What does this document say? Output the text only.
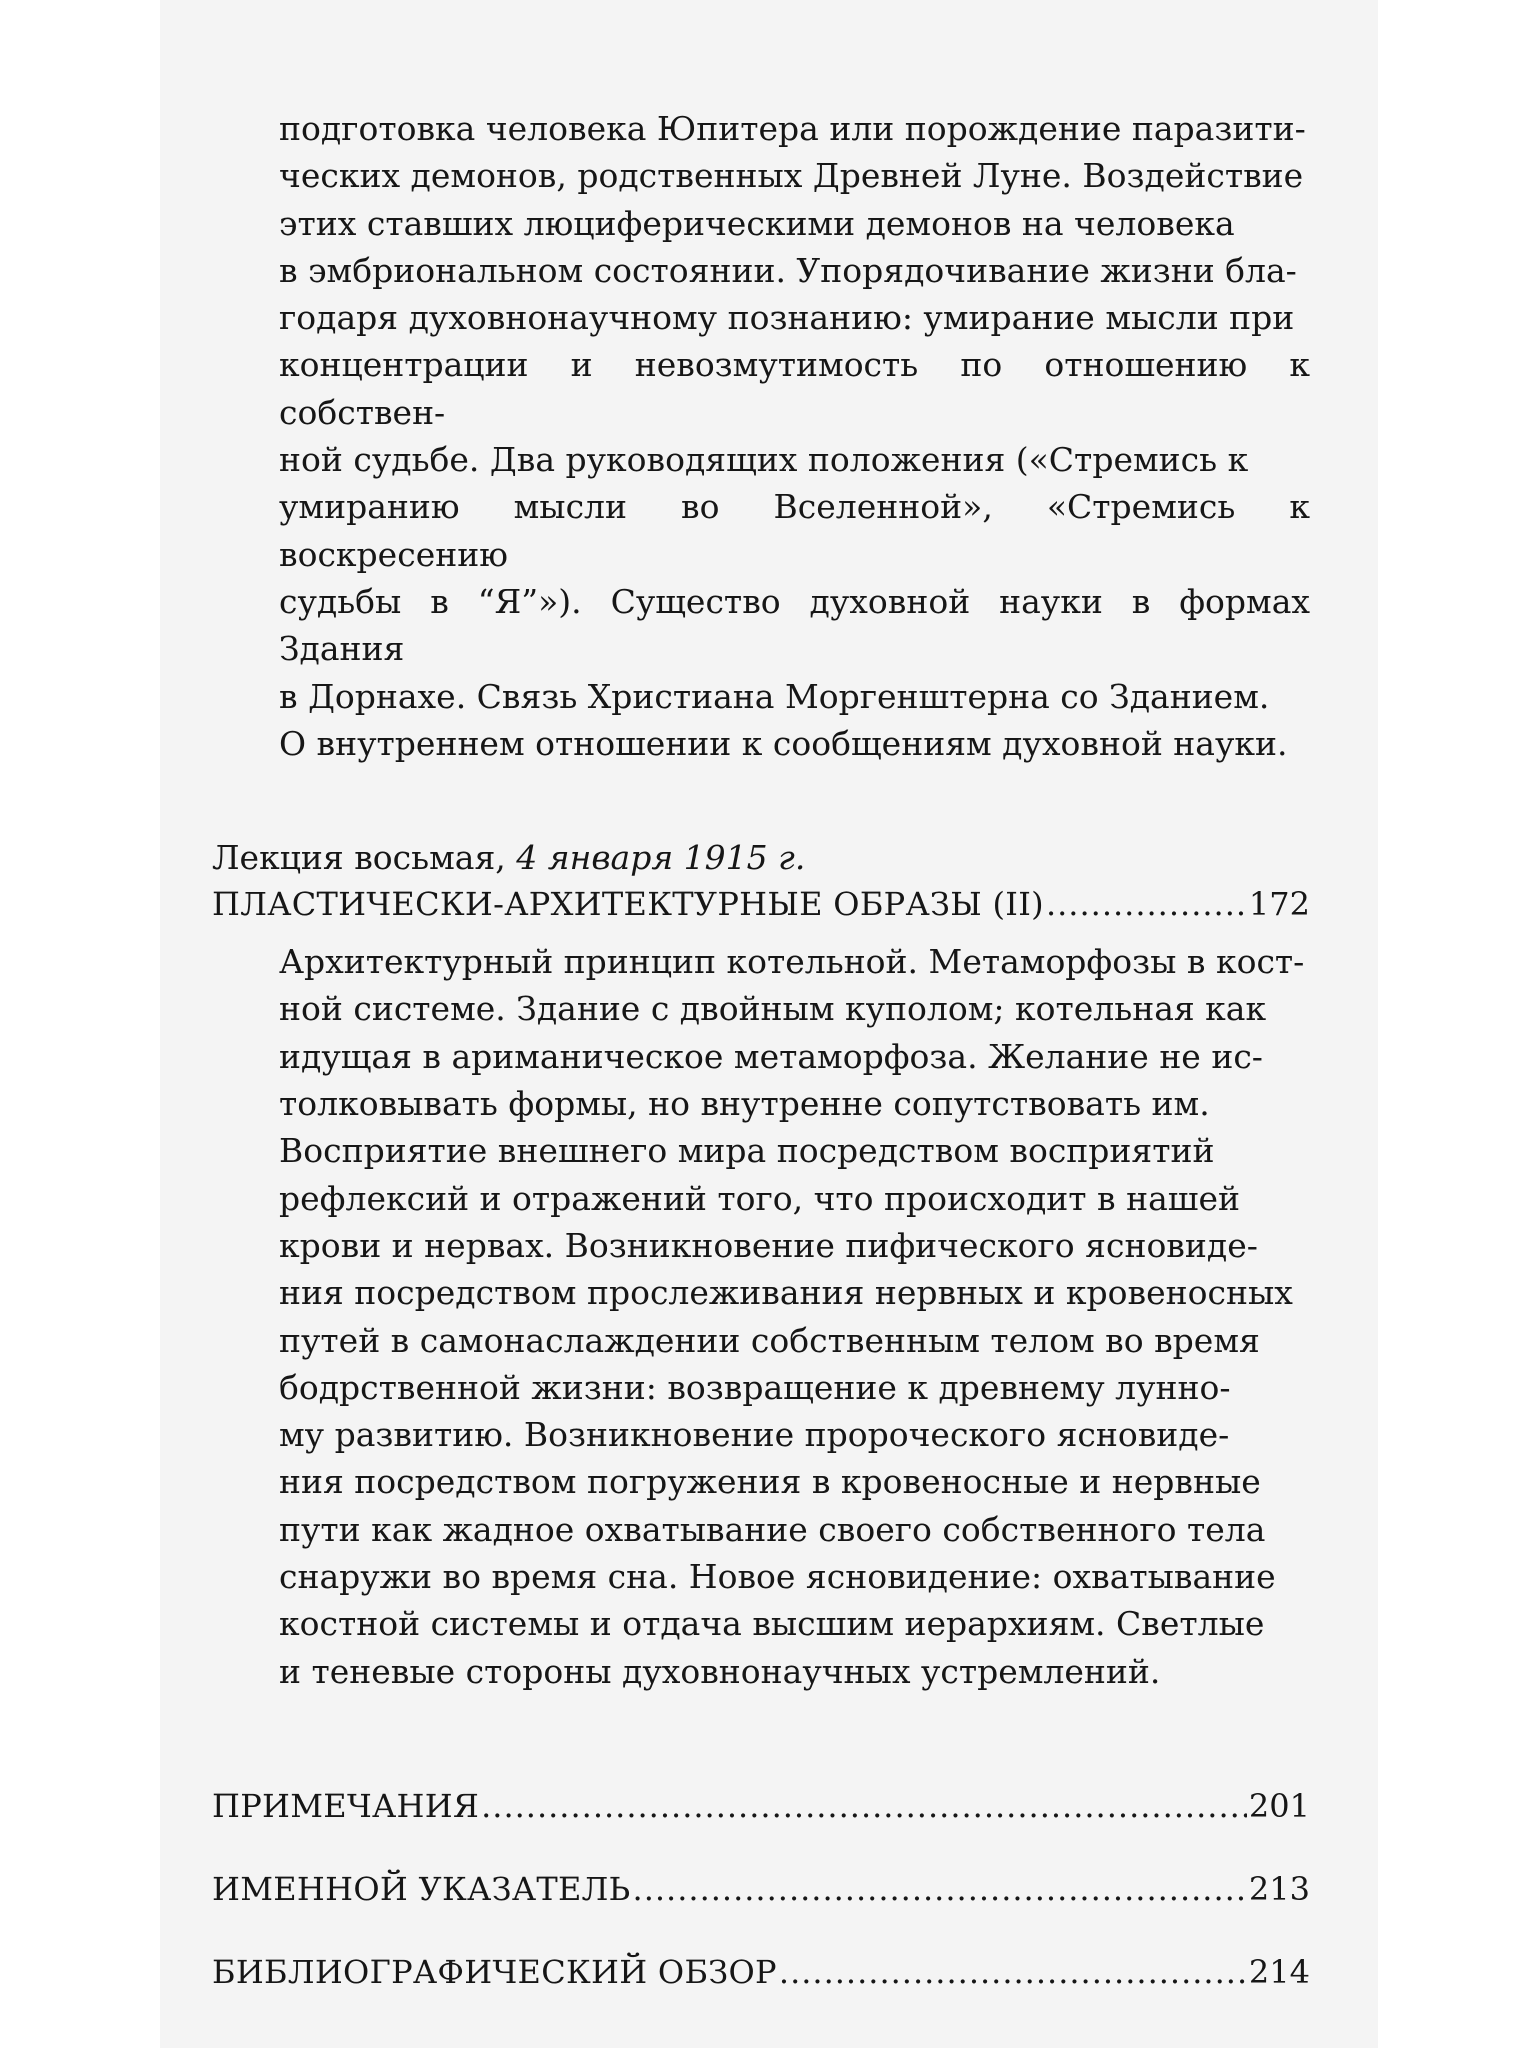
подготовка человека Юпитера или порождение паразити-

ческих демонов, родственных Древней Луне. Воздействие

этих ставших люциферическими демонов на человека

в эмбриональном состоянии. Упорядочивание жизни бла-

годаря духовнонаучному познанию: умирание мысли при

концентрации и невозмутимость по отношению к собствен-

ной судьбе. Два руководящих положения («Стремись к

умиранию мысли во Вселенной», «Стремись к воскресению

судьбы в “Я”»). Существо духовной науки в формах Здания

в Дорнахе. Связь Христиана Моргенштерна со Зданием.

О внутреннем отношении к сообщениям духовной науки.

Лекция восьмая, 4 января 1915 г.
ПЛАСТИЧЕСКИ-АРХИТЕКТУРНЫЕ ОБРАЗЫ (II) .....	172

Архитектурный принцип котельной. Метаморфозы в кост-

ной системе. Здание с двойным куполом; котельная как

идущая в ариманическое метаморфоза. Желание не ис-

толковывать формы, но внутренне сопутствовать им.

Восприятие внешнего мира посредством восприятий

рефлексий и отражений того, что происходит в нашей

крови и нервах. Возникновение пифического ясновиде-

ния посредством прослеживания нервных и кровеносных

путей в самонаслаждении собственным телом во время

бодрственной жизни: возвращение к древнему лунно-

му развитию. Возникновение пророческого ясновиде-

ния посредством погружения в кровеносные и нервные

пути как жадное охватывание своего собственного тела

снаружи во время сна. Новое ясновидение: охватывание

костной системы и отдача высшим иерархиям. Светлые

и теневые стороны духовнонаучных устремлений.

ПРИМЕЧАНИЯ .....	201
ИМЕННОЙ УКАЗАТЕЛЬ .....	213
БИБЛИОГРАФИЧЕСКИЙ ОБЗОР .....	214
